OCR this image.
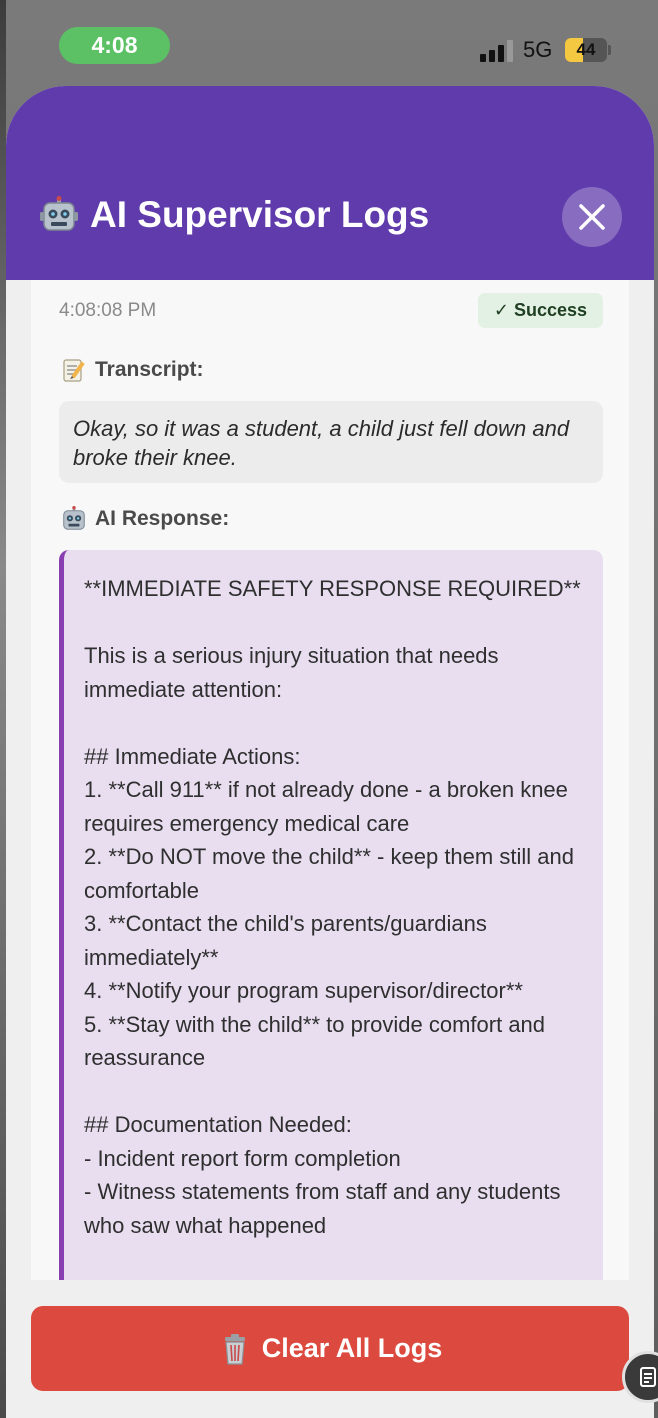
4:08	5G	44
AI Supervisor Logs
4:08:08 PM	✓ Success
Transcript:
Okay, so it was a student, a child just fell down and broke their knee.
AI Response:
**IMMEDIATE SAFETY RESPONSE REQUIRED**

This is a serious injury situation that needs immediate attention:

## Immediate Actions:
1. **Call 911** if not already done - a broken knee requires emergency medical care
2. **Do NOT move the child** - keep them still and comfortable
3. **Contact the child's parents/guardians immediately**
4. **Notify your program supervisor/director**
5. **Stay with the child** to provide comfort and reassurance

## Documentation Needed:
- Incident report form completion
- Witness statements from staff and any students who saw what happened
Clear All Logs
